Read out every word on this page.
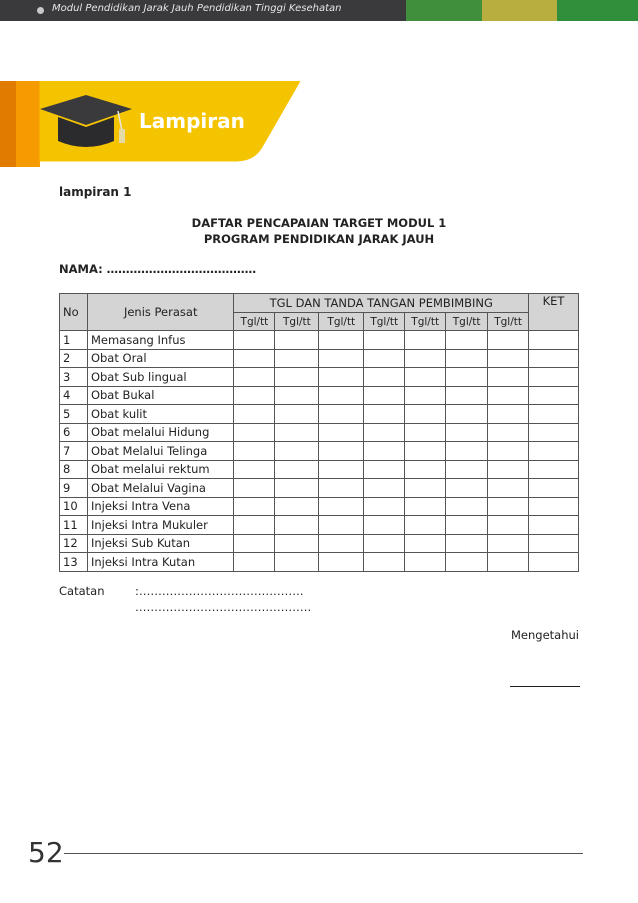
Modul Pendidikan Jarak Jauh Pendidikan Tinggi Kesehatan
Lampiran
lampiran 1
DAFTAR PENCAPAIAN TARGET MODUL 1
PROGRAM PENDIDIKAN JARAK JAUH
NAMA: …………………………………
No	Jenis Perasat	TGL DAN TANDA TANGAN PEMBIMBING							KET
		Tgl/tt	Tgl/tt	Tgl/tt	Tgl/tt	Tgl/tt	Tgl/tt	Tgl/tt	
1	Memasang Infus								
2	Obat Oral								
3	Obat Sub lingual								
4	Obat Bukal								
5	Obat kulit								
6	Obat melalui Hidung								
7	Obat Melalui Telinga								
8	Obat melalui rektum								
9	Obat Melalui Vagina								
10	Injeksi Intra Vena								
11	Injeksi Intra Mukuler								
12	Injeksi Sub Kutan								
13	Injeksi Intra Kutan								
Catatan	:…………………………………….
……………………………………….
Mengetahui
52
